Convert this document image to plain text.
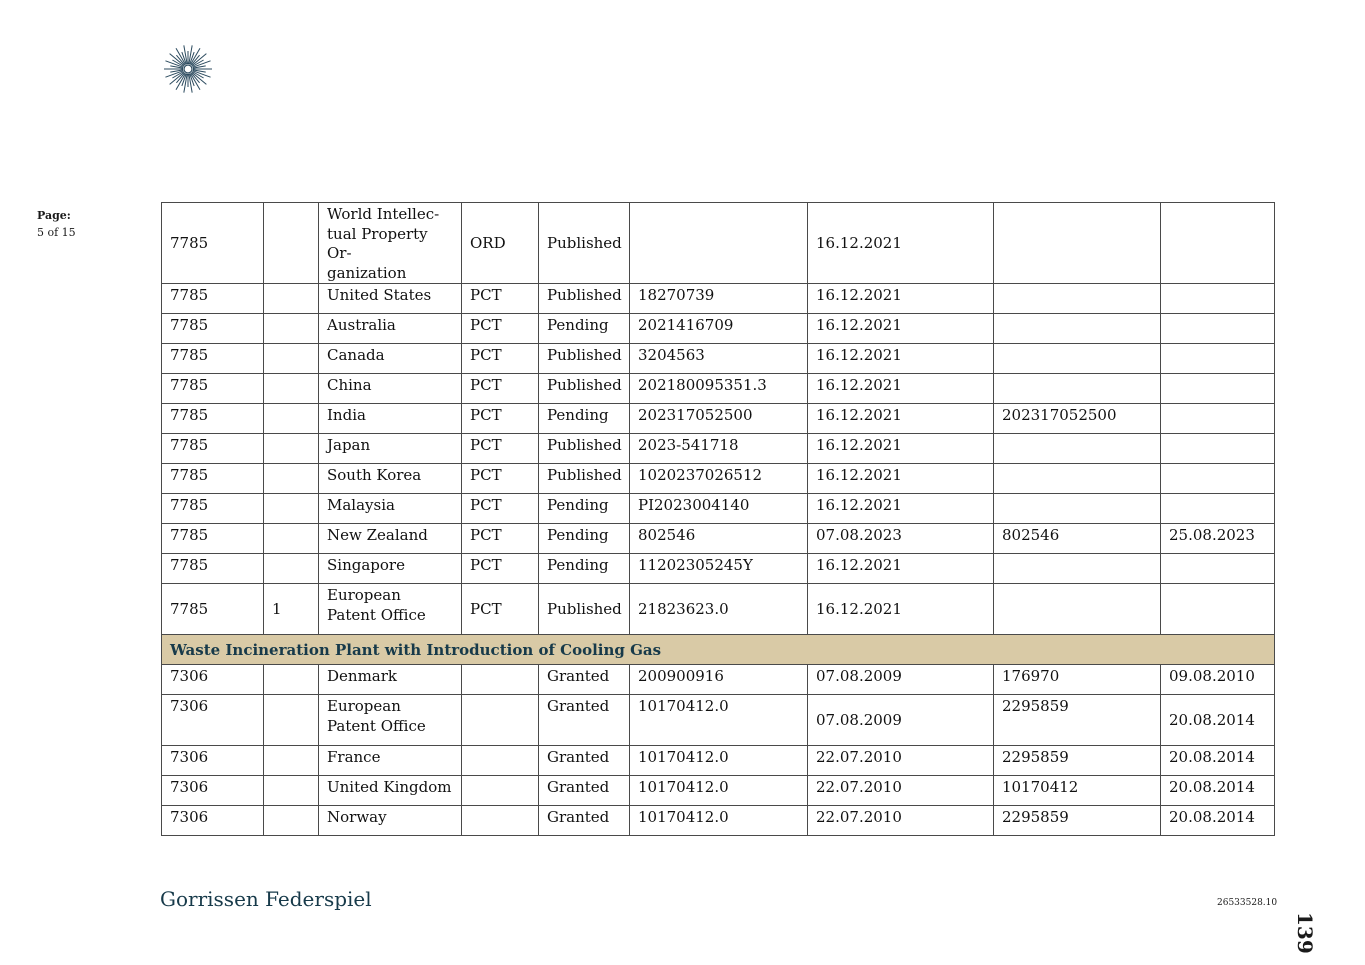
Page:
5 of 15
7785		World Intellec-
tual Property Or-
ganization	ORD	Published		16.12.2021		
7785		United States	PCT	Published	18270739	16.12.2021		
7785		Australia	PCT	Pending	2021416709	16.12.2021		
7785		Canada	PCT	Published	3204563	16.12.2021		
7785		China	PCT	Published	202180095351.3	16.12.2021		
7785		India	PCT	Pending	202317052500	16.12.2021	202317052500	
7785		Japan	PCT	Published	2023-541718	16.12.2021		
7785		South Korea	PCT	Published	1020237026512	16.12.2021		
7785		Malaysia	PCT	Pending	PI2023004140	16.12.2021		
7785		New Zealand	PCT	Pending	802546	07.08.2023	802546	25.08.2023
7785		Singapore	PCT	Pending	11202305245Y	16.12.2021		
7785	1	European Patent Office	PCT	Published	21823623.0	16.12.2021		
Waste Incineration Plant with Introduction of Cooling Gas								
7306		Denmark		Granted	200900916	07.08.2009	176970	09.08.2010
7306		European Patent Office		Granted	10170412.0	07.08.2009	2295859	20.08.2014
7306		France		Granted	10170412.0	22.07.2010	2295859	20.08.2014
7306		United Kingdom		Granted	10170412.0	22.07.2010	10170412	20.08.2014
7306		Norway		Granted	10170412.0	22.07.2010	2295859	20.08.2014
Gorrissen Federspiel	26533528.10
139
